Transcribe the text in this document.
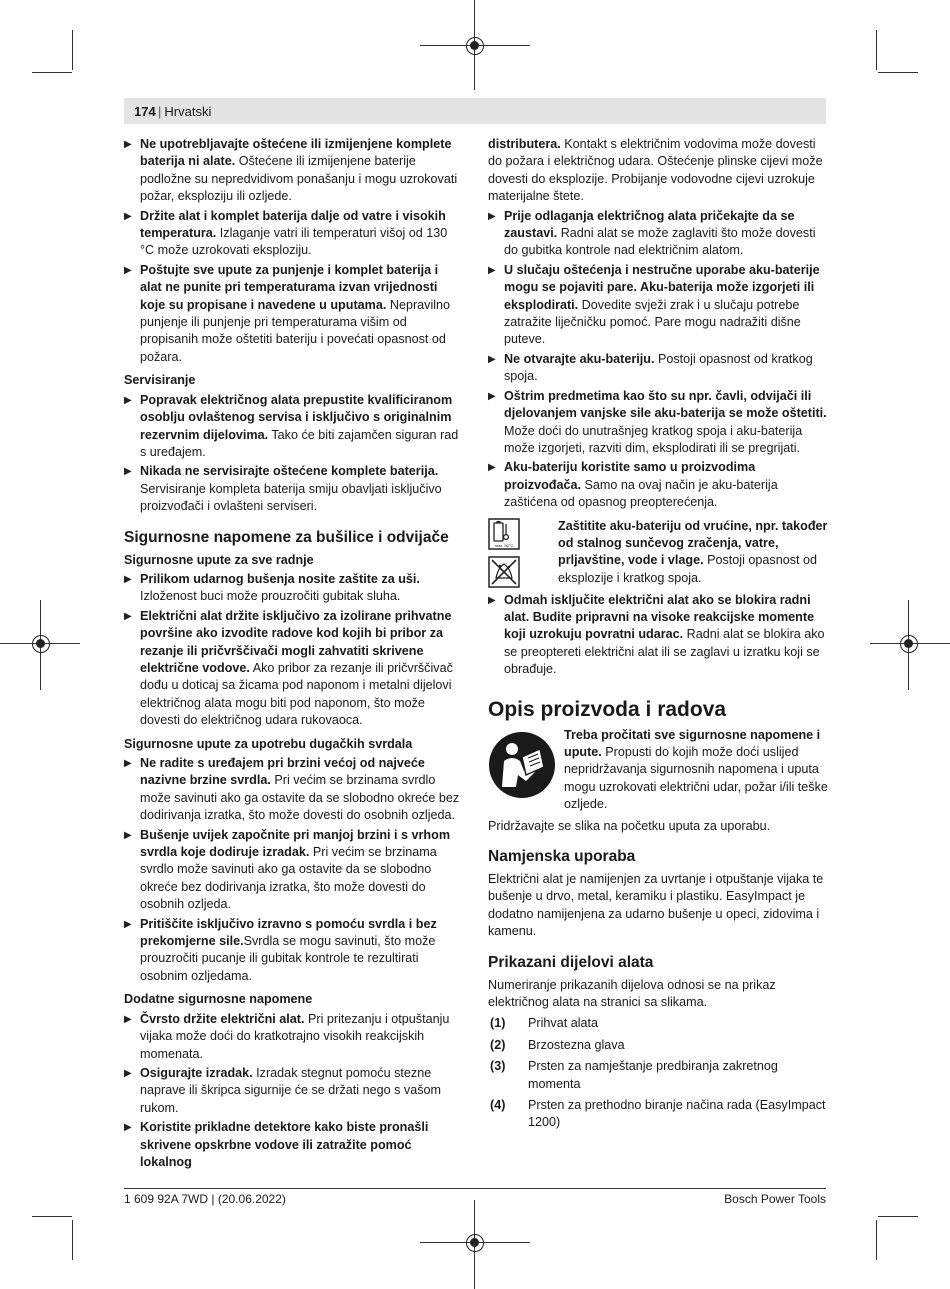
174
| Hrvatski
▶ Ne upotrebljavajte oštećene ili izmijenjene komplete baterija ni alate. Oštećene ili izmijenjene baterije podložne su nepredvidivom ponašanju i mogu uzrokovati požar, eksploziju ili ozljede.
▶ Držite alat i komplet baterija dalje od vatre i visokih temperatura. Izlaganje vatri ili temperaturi višoj od 130 °C može uzrokovati eksploziju.
▶ Poštujte sve upute za punjenje i komplet baterija i alat ne punite pri temperaturama izvan vrijednosti koje su propisane i navedene u uputama. Nepravilno punjenje ili punjenje pri temperaturama višim od propisanih može oštetiti bateriju i povećati opasnost od požara.
Servisiranje
▶ Popravak električnog alata prepustite kvalificiranom osoblju ovlaštenog servisa i isključivo s originalnim rezervnim dijelovima. Tako će biti zajamčen siguran rad s uređajem.
▶ Nikada ne servisirajte oštećene komplete baterija. Servisiranje kompleta baterija smiju obavljati isključivo proizvođači i ovlašteni serviseri.
Sigurnosne napomene za bušilice i odvijače
Sigurnosne upute za sve radnje
▶ Prilikom udarnog bušenja nosite zaštite za uši. Izloženost buci može prouzročiti gubitak sluha.
▶ Električni alat držite isključivo za izolirane prihvatne površine ako izvodite radove kod kojih bi pribor za rezanje ili pričvrščivači mogli zahvatiti skrivene električne vodove. Ako pribor za rezanje ili pričvrščivač dođu u doticaj sa žicama pod naponom i metalni dijelovi električnog alata mogu biti pod naponom, što može dovesti do električnog udara rukovaoca.
Sigurnosne upute za upotrebu dugačkih svrdala
▶ Ne radite s uređajem pri brzini većoj od najveće nazivne brzine svrdla. Pri većim se brzinama svrdlo može savinuti ako ga ostavite da se slobodno okreće bez dodirivanja izratka, što može dovesti do osobnih ozljeda.
▶ Bušenje uvijek započnite pri manjoj brzini i s vrhom svrdla koje dodiruje izradak. Pri većim se brzinama svrdlo može savinuti ako ga ostavite da se slobodno okreće bez dodirivanja izratka, što može dovesti do osobnih ozljeda.
▶ Pritiščite isključivo izravno s pomoću svrdla i bez prekomjerne sile.Svrdla se mogu savinuti, što može prouzročiti pucanje ili gubitak kontrole te rezultirati osobnim ozljedama.
Dodatne sigurnosne napomene
▶ Čvrsto držite električni alat. Pri pritezanju i otpuštanju vijaka može doći do kratkotrajno visokih reakcijskih momenata.
▶ Osigurajte izradak. Izradak stegnut pomoću stezne naprave ili škripca sigurnije će se držati nego s vašom rukom.
▶ Koristite prikladne detektore kako biste pronašli skrivene opskrbne vodove ili zatražite pomoć lokalnog
distributera. Kontakt s električnim vodovima može dovesti do požara i električnog udara. Oštećenje plinske cijevi može dovesti do eksplozije. Probijanje vodovodne cijevi uzrokuje materijalne štete.
▶ Prije odlaganja električnog alata pričekajte da se zaustavi. Radni alat se može zaglaviti što može dovesti do gubitka kontrole nad električnim alatom.
▶ U slučaju oštećenja i nestručne uporabe aku-baterije mogu se pojaviti pare. Aku-baterija može izgorjeti ili eksplodirati. Dovedite svježi zrak i u slučaju potrebe zatražite liječničku pomoć. Pare mogu nadražiti dišne puteve.
▶ Ne otvarajte aku-bateriju. Postoji opasnost od kratkog spoja.
▶ Oštrim predmetima kao što su npr. čavli, odvijači ili djelovanjem vanjske sile aku-baterija se može oštetiti. Može doći do unutrašnjeg kratkog spoja i aku-baterija može izgorjeti, razviti dim, eksplodirati ili se pregrijati.
▶ Aku-bateriju koristite samo u proizvodima proizvođača. Samo na ovaj način je aku-baterija zaštićena od opasnog preopterećenja.
max. 50°C
Zaštitite aku-bateriju od vrućine, npr. također od stalnog sunčevog zračenja, vatre, prljavštine, vode i vlage. Postoji opasnost od eksplozije i kratkog spoja.
▶ Odmah isključite električni alat ako se blokira radni alat. Budite pripravni na visoke reakcijske momente koji uzrokuju povratni udarac. Radni alat se blokira ako se preoptereti električni alat ili se zaglavi u izratku koji se obrađuje.
Opis proizvoda i radova
Treba pročitati sve sigurnosne napomene i upute. Propusti do kojih može doći uslijed nepridržavanja sigurnosnih napomena i uputa mogu uzrokovati električni udar, požar i/ili teške ozljede.
Pridržavajte se slika na početku uputa za uporabu.
Namjenska uporaba
Električni alat je namijenjen za uvrtanje i otpuštanje vijaka te bušenje u drvo, metal, keramiku i plastiku. EasyImpact je dodatno namijenjena za udarno bušenje u opeci, zidovima i kamenu.
Prikazani dijelovi alata
Numeriranje prikazanih dijelova odnosi se na prikaz električnog alata na stranici sa slikama.
(1)	Prihvat alata
(2)	Brzostezna glava
(3)	Prsten za namještanje predbiranja zakretnog momenta
(4)	Prsten za prethodno biranje načina rada (EasyImpact 1200)
1 609 92A 7WD | (20.06.2022)	Bosch Power Tools
